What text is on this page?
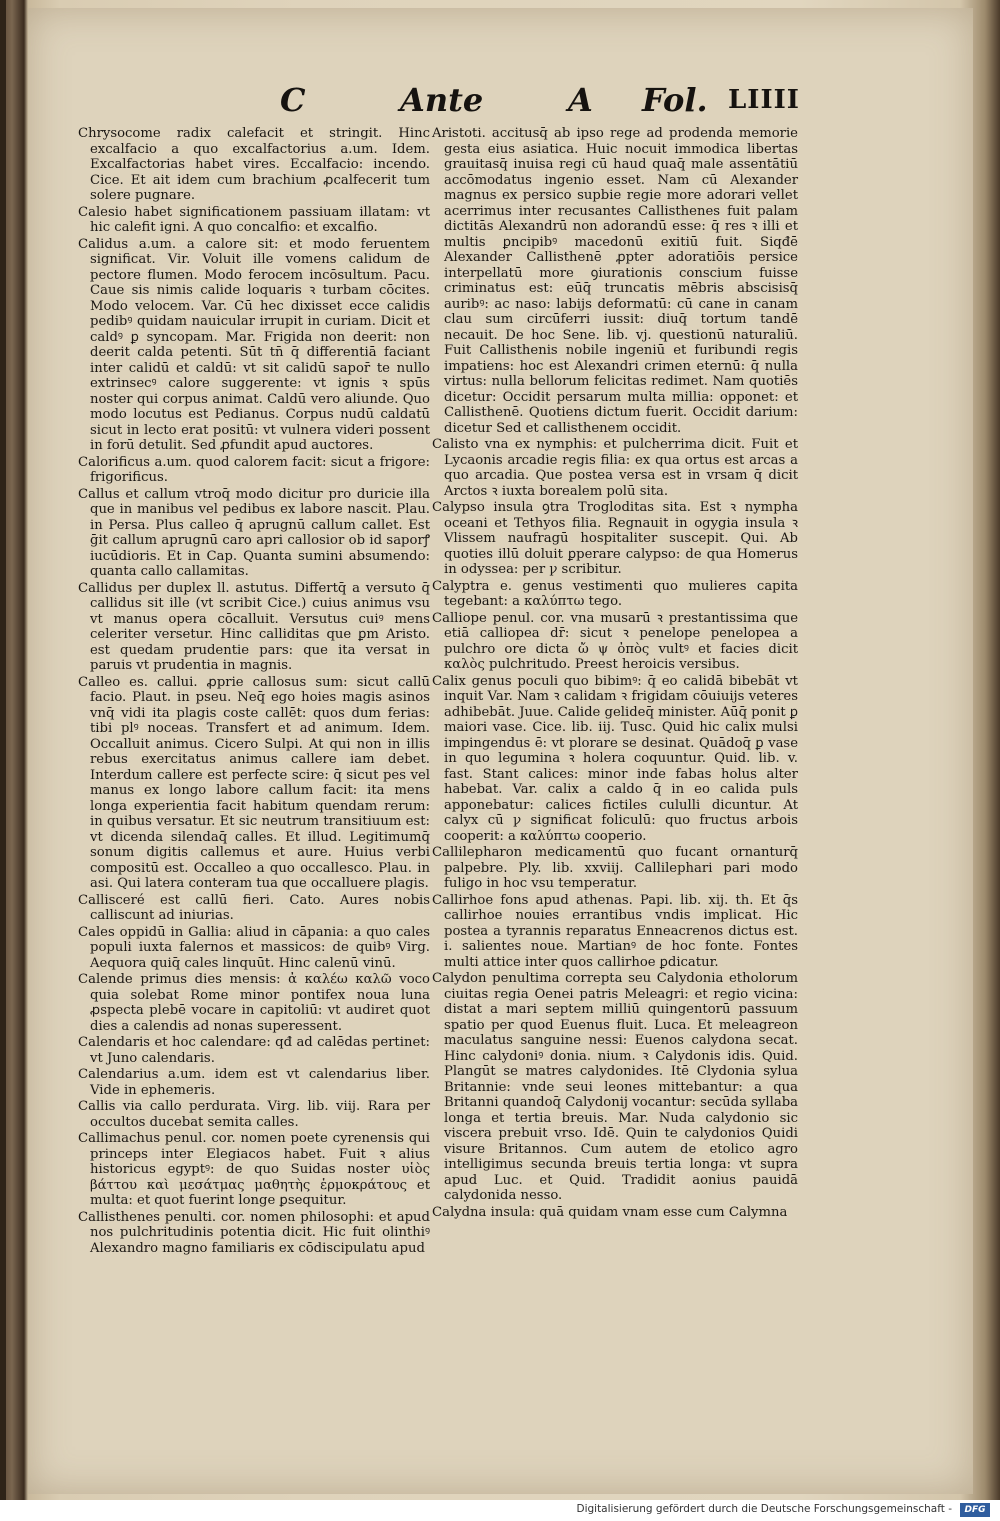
C	Ante	A Fol. LIIII

Chrysocome radix calefacit et stringit. Hinc excalfacio a quo excalfactorius a.um. Idem. Excalfactorias habet vires. Eccalfacio: incendo. Cice. Et ait idem cum brachium ꝓcalfecerit tum solere pugnare.

Calesio habet significationem passiuam illatam: vt hic calefit igni. A quo concalfio: et excalfio.

Calidus a.um. a calore sit: et modo feruentem significat. Vir. Voluit ille vomens calidum de pectore flumen. Modo ferocem incōsultum. Pacu. Caue sis nimis calide loquaris ꝛ turbam cōcites. Modo velocem. Var. Cū hec dixisset ecce calidis pedibꝰ quidam nauicular irrupit in curiam. Dicit et caldꝰ ꝑ syncopam. Mar. Frigida non deerit: non deerit calda petenti. Sūt tn̄ q̄ differentiā faciant inter calidū et caldū: vt sit calidū sapor̄ te nullo extrinsecꝰ calore suggerente: vt ignis ꝛ spūs noster qui corpus animat. Caldū vero aliunde. Quo modo locutus est Pedianus. Corpus nudū caldatū sicut in lecto erat positū: vt vulnera videri possent in forū detulit. Sed ꝓfundit apud auctores.

Calorificus a.um. quod calorem facit: sicut a frigore: frigorificus.

Callus et callum vtroq̄ modo dicitur pro duricie illa que in manibus vel pedibus ex labore nascit. Plau. in Persa. Plus calleo q̄ aprugnū callum callet. Est ḡit callum aprugnū caro apri callosior ob id saporꝭ iucūdioris. Et in Cap. Quanta sumini absumendo: quanta callo callamitas.

Callidus per duplex ll. astutus. Differtq̄ a versuto q̄ callidus sit ille (vt scribit Cice.) cuius animus vsu vt manus opera cōcalluit. Versutus cuiꝰ mens celeriter versetur. Hinc calliditas que ꝑm Aristo. est quedam prudentie pars: que ita versat in paruis vt prudentia in magnis.

Calleo es. callui. ꝓprie callosus sum: sicut callū facio. Plaut. in pseu. Neq̄ ego hoies magis asinos vnq̄ vidi ita plagis coste callēt: quos dum ferias: tibi plꝰ noceas. Transfert et ad animum. Idem. Occalluit animus. Cicero Sulpi. At qui non in illis rebus exercitatus animus callere iam debet. Interdum callere est perfecte scire: q̄ sicut pes vel manus ex longo labore callum facit: ita mens longa experientia facit habitum quendam rerum: in quibus versatur. Et sic neutrum transitiuum est: vt dicenda silendaq̄ calles. Et illud. Legitimumq̄ sonum digitis callemus et aure. Huius verbi compositū est. Occalleo a quo occallesco. Plau. in asi. Qui latera conteram tua que occalluere plagis.

Callisceré est callū fieri. Cato. Aures nobis calliscunt ad iniurias.

Cales oppidū in Gallia: aliud in cāpania: a quo cales populi iuxta falernos et massicos: de quibꝰ Virg. Aequora quiq̄ cales linquūt. Hinc calenū vinū.

Calende primus dies mensis: ἀ καλέω καλῶ voco quia solebat Rome minor pontifex noua luna ꝓspecta plebē vocare in capitoliū: vt audiret quot dies a calendis ad nonas superessent.

Calendaris et hoc calendare: qđ ad calēdas pertinet: vt Juno calendaris.

Calendarius a.um. idem est vt calendarius liber. Vide in ephemeris.

Callis via callo perdurata. Virg. lib. viij. Rara per occultos ducebat semita calles.

Callimachus penul. cor. nomen poete cyrenensis qui princeps inter Elegiacos habet. Fuit ꝛ alius historicus egyptꝰ: de quo Suidas noster υἱὸς βάττου καὶ μεσάτμας μαθητὴς ἑρμοκράτους et multa: et quot fuerint longe ꝑsequitur.

Callisthenes penulti. cor. nomen philosophi: et apud nos pulchritudinis potentia dicit. Hic fuit olinthiꝰ Alexandro magno familiaris ex cōdiscipulatu apud

Aristoti. accitusq̄ ab ipso rege ad prodenda memorie gesta eius asiatica. Huic nocuit immodica libertas grauitasq̄ inuisa regi cū haud quaq̄ male assentātiū accōmodatus ingenio esset. Nam cū Alexander magnus ex persico supbie regie more adorari vellet acerrimus inter recusantes Callisthenes fuit palam dictitās Alexandrū non adorandū esse: q̄ res ꝛ illi et multis ꝑncipibꝰ macedonū exitiū fuit. Siqđē Alexander Callisthenē ꝓpter adoratiōis persice interpellatū more ꝯiurationis conscium fuisse criminatus est: eūq̄ truncatis mēbris abscisisq̄ auribꝰ: ac naso: labijs deformatū: cū cane in canam clau sum circūferri iussit: diuq̄ tortum tandē necauit. De hoc Sene. lib. vj. questionū naturaliū. Fuit Callisthenis nobile ingeniū et furibundi regis impatiens: hoc est Alexandri crimen eternū: q̄ nulla virtus: nulla bellorum felicitas redimet. Nam quotiēs dicetur: Occidit persarum multa millia: opponet: et Callisthenē. Quotiens dictum fuerit. Occidit darium: dicetur Sed et callisthenem occidit.

Calisto vna ex nymphis: et pulcherrima dicit. Fuit et Lycaonis arcadie regis filia: ex qua ortus est arcas a quo arcadia. Que postea versa est in vrsam q̄ dicit Arctos ꝛ iuxta borealem polū sita.

Calypso insula ꝯtra Trogloditas sita. Est ꝛ nympha oceani et Tethyos filia. Regnauit in ogygia insula ꝛ Vlissem naufragū hospitaliter suscepit. Qui. Ab quoties illū doluit ꝑperare calypso: de qua Homerus in odyssea: per ꝩ scribitur.

Calyptra e. genus vestimenti quo mulieres capita tegebant: a καλύπτω tego.

Calliope penul. cor. vna musarū ꝛ prestantissima que etiā calliopea dr̄: sicut ꝛ penelope penelopea a pulchro ore dicta ὤ ψ ὀπὸς vultꝰ et facies dicit καλὸς pulchritudo. Preest heroicis versibus.

Calix genus poculi quo bibimꝰ: q̄ eo calidā bibebāt vt inquit Var. Nam ꝛ calidam ꝛ frigidam cōuiuijs veteres adhibebāt. Juue. Calide gelideq̄ minister. Aūq̄ ponit ꝑ maiori vase. Cice. lib. iij. Tusc. Quid hic calix mulsi impingendus ē: vt plorare se desinat. Quādoq̄ ꝑ vase in quo legumina ꝛ holera coquuntur. Quid. lib. v. fast. Stant calices: minor inde fabas holus alter habebat. Var. calix a caldo q̄ in eo calida puls apponebatur: calices fictiles cululli dicuntur. At calyx cū ꝩ significat foliculū: quo fructus arbois cooperit: a καλύπτω cooperio.

Callilepharon medicamentū quo fucant ornanturq̄ palpebre. Ply. lib. xxviij. Callilephari pari modo fuligo in hoc vsu temperatur.

Callirhoe fons apud athenas. Papi. lib. xij. th. Et q̄s callirhoe nouies errantibus vndis implicat. Hic postea a tyrannis reparatus Enneacrenos dictus est. i. salientes noue. Martianꝰ de hoc fonte. Fontes multi attice inter quos callirhoe ꝑdicatur.

Calydon penultima correpta seu Calydonia etholorum ciuitas regia Oenei patris Meleagri: et regio vicina: distat a mari septem milliū quingentorū passuum spatio per quod Euenus fluit. Luca. Et meleagreon maculatus sanguine nessi: Euenos calydona secat. Hinc calydoniꝰ donia. nium. ꝛ Calydonis idis. Quid. Plangūt se matres calydonides. Itē Clydonia sylua Britannie: vnde seui leones mittebantur: a qua Britanni quandoq̄ Calydonij vocantur: secūda syllaba longa et tertia breuis. Mar. Nuda calydonio sic viscera prebuit vrso. Idē. Quin te calydonios Quidi visure Britannos. Cum autem de etolico agro intelligimus secunda breuis tertia longa: vt supra apud Luc. et Quid. Tradidit aonius pauidā calydonida nesso.

Calydna insula: quā quidam vnam esse cum Calymna

Digitalisierung gefördert durch die Deutsche Forschungsgemeinschaft -	DFG
